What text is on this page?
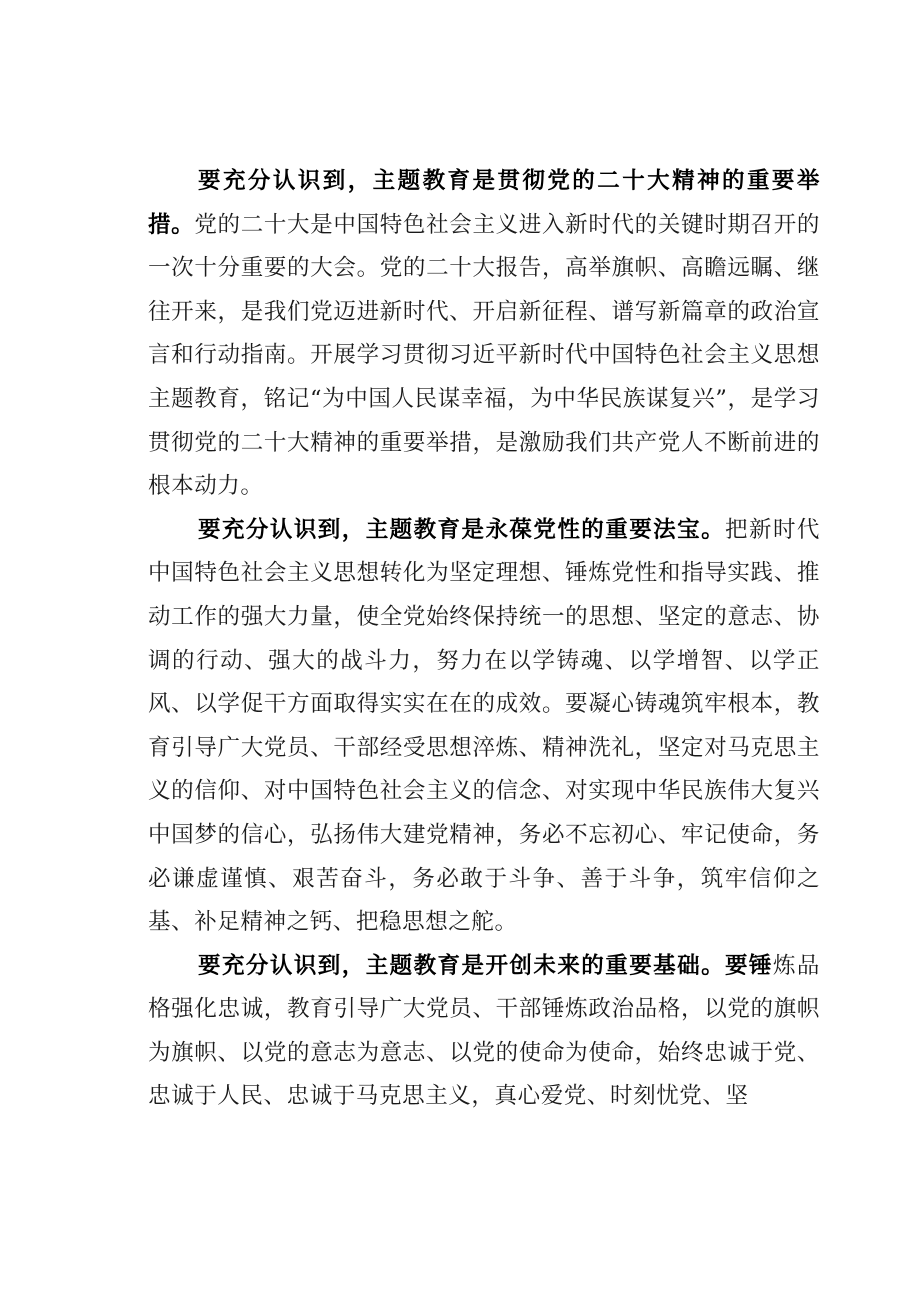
要充分认识到，主题教育是贯彻党的二十大精神的重要举措。党的二十大是中国特色社会主义进入新时代的关键时期召开的一次十分重要的大会。党的二十大报告，高举旗帜、高瞻远瞩、继往开来，是我们党迈进新时代、开启新征程、谱写新篇章的政治宣言和行动指南。开展学习贯彻习近平新时代中国特色社会主义思想主题教育，铭记“为中国人民谋幸福，为中华民族谋复兴”，是学习贯彻党的二十大精神的重要举措，是激励我们共产党人不断前进的根本动力。

要充分认识到，主题教育是永葆党性的重要法宝。把新时代中国特色社会主义思想转化为坚定理想、锤炼党性和指导实践、推动工作的强大力量，使全党始终保持统一的思想、坚定的意志、协调的行动、强大的战斗力，努力在以学铸魂、以学增智、以学正风、以学促干方面取得实实在在的成效。要凝心铸魂筑牢根本，教育引导广大党员、干部经受思想淬炼、精神洗礼，坚定对马克思主义的信仰、对中国特色社会主义的信念、对实现中华民族伟大复兴中国梦的信心，弘扬伟大建党精神，务必不忘初心、牢记使命，务必谦虚谨慎、艰苦奋斗，务必敢于斗争、善于斗争，筑牢信仰之基、补足精神之钙、把稳思想之舵。

要充分认识到，主题教育是开创未来的重要基础。要锤炼品格强化忠诚，教育引导广大党员、干部锤炼政治品格，以党的旗帜为旗帜、以党的意志为意志、以党的使命为使命，始终忠诚于党、忠诚于人民、忠诚于马克思主义，真心爱党、时刻忧党、坚
